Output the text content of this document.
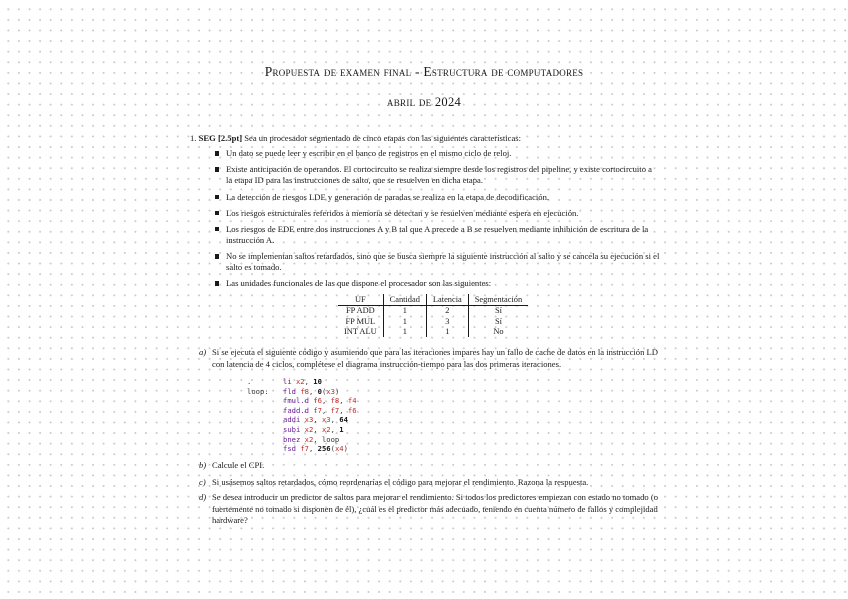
Propuesta de examen final - Estructura de computadores
abril de 2024
1. SEG [2.5pt] Sea un procesador segmentado de cinco etapas con las siguientes características:
Un dato se puede leer y escribir en el banco de registros en el mismo ciclo de reloj.
Existe anticipación de operandos. El cortocircuito se realiza siempre desde los registros del pipeline, y existe cortocircuito a la etapa ID para las instrucciones de salto, que se resuelven en dicha etapa.
La detección de riesgos LDE y generación de paradas se realiza en la etapa de decodificación.
Los riesgos estructurales referidos a memoria se detectan y se resuelven mediante espera en ejecución.
Los riesgos de EDE entre dos instrucciones A y B tal que A precede a B se resuelven mediante inhibición de escritura de la instrucción A.
No se implementan saltos retardados, sino que se busca siempre la siguiente instrucción al salto y se cancela su ejecución si el salto es tomado.
Las unidades funcionales de las que dispone el procesador son las siguientes:
UF	Cantidad	Latencia	Segmentación
FP ADD	1	2	Sí
FP MUL	1	3	Sí
INT ALU	1	1	No
a) Si se ejecuta el siguiente código y asumiendo que para las iteraciones impares hay un fallo de cache de datos en la instrucción LD con latencia de 4 ciclos, complétese el diagrama instrucción-tiempo para las dos primeras iteraciones.
.	li x2, 10
loop: fld f8, 0(x3)
fmul.d f6, f8, f4
fadd.d f7, f7, f6
addi x3, x3, 64
subi x2, x2, 1
bnez x2, loop
fsd f7, 256(x4)
b) Calcule el CPI.
c) Si usásemos saltos retardados, cómo reordenarías el código para mejorar el rendimiento. Razona la respuesta.
d) Se desea introducir un predictor de saltos para mejorar el rendimiento. Si todos los predictores empiezan con estado no tomado (o fuertemente no tomado si disponen de él), ¿cuál es el predictor más adecuado, teniendo en cuenta número de fallos y complejidad hardware?
